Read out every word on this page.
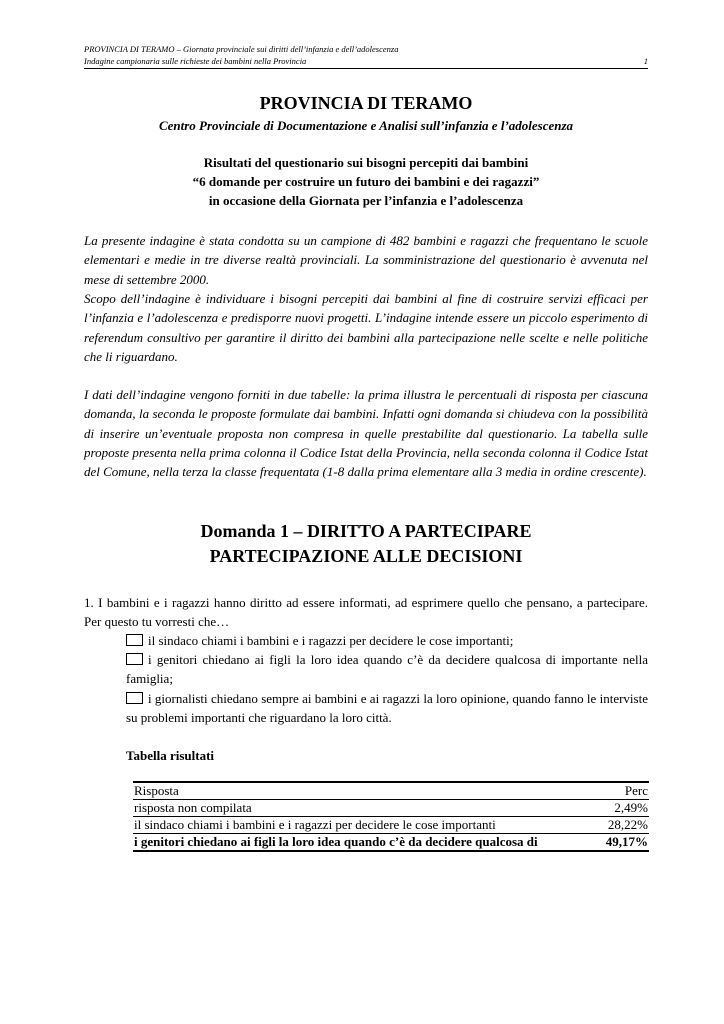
PROVINCIA DI TERAMO – Giornata provinciale sui diritti dell’infanzia e dell’adolescenza
Indagine campionaria sulle richieste dei bambini nella Provincia	1
PROVINCIA DI TERAMO
Centro Provinciale di Documentazione e Analisi sull’infanzia e l’adolescenza
Risultati del questionario sui bisogni percepiti dai bambini
“6 domande per costruire un futuro dei bambini e dei ragazzi”
in occasione della Giornata per l’infanzia e l’adolescenza

La presente indagine è stata condotta su un campione di 482 bambini e ragazzi che frequentano le scuole elementari e medie in tre diverse realtà provinciali. La somministrazione del questionario è avvenuta nel mese di settembre 2000.

Scopo dell’indagine è individuare i bisogni percepiti dai bambini al fine di costruire servizi efficaci per l’infanzia e l’adolescenza e predisporre nuovi progetti. L’indagine intende essere un piccolo esperimento di referendum consultivo per garantire il diritto dei bambini alla partecipazione nelle scelte e nelle politiche che li riguardano.

I dati dell’indagine vengono forniti in due tabelle: la prima illustra le percentuali di risposta per ciascuna domanda, la seconda le proposte formulate dai bambini. Infatti ogni domanda si chiudeva con la possibilità di inserire un’eventuale proposta non compresa in quelle prestabilite dal questionario. La tabella sulle proposte presenta nella prima colonna il Codice Istat della Provincia, nella seconda colonna il Codice Istat del Comune, nella terza la classe frequentata (1-8 dalla prima elementare alla 3 media in ordine crescente).

Domanda 1 – DIRITTO A PARTECIPARE
PARTECIPAZIONE ALLE DECISIONI

1. I bambini e i ragazzi hanno diritto ad essere informati, ad esprimere quello che pensano, a partecipare. Per questo tu vorresti che…

il sindaco chiami i bambini e i ragazzi per decidere le cose importanti;

i genitori chiedano ai figli la loro idea quando c’è da decidere qualcosa di importante nella famiglia;

i giornalisti chiedano sempre ai bambini e ai ragazzi la loro opinione, quando fanno le interviste su problemi importanti che riguardano la loro città.

Tabella risultati
Risposta	Perc
risposta non compilata	2,49%
il sindaco chiami i bambini e i ragazzi per decidere le cose importanti	28,22%
i genitori chiedano ai figli la loro idea quando c’è da decidere qualcosa di	49,17%
